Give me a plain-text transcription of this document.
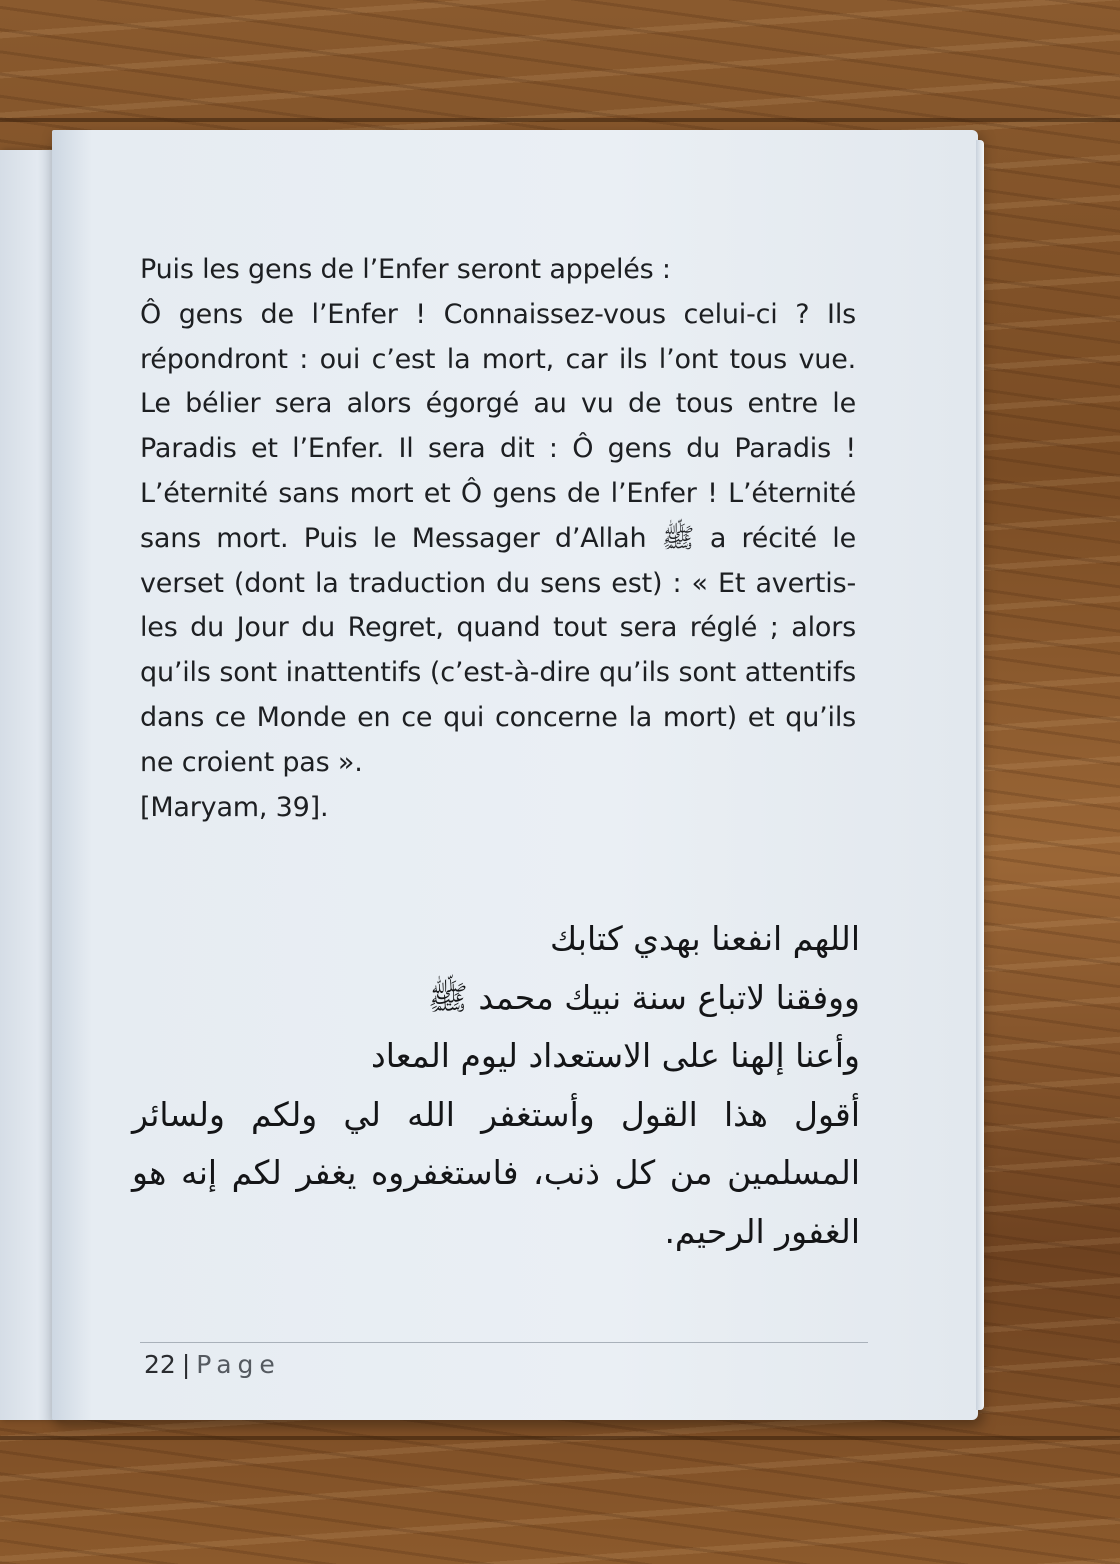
Puis les gens de l’Enfer seront appelés :

Ô gens de l’Enfer ! Connaissez-vous celui-ci ? Ils répondront : oui c’est la mort, car ils l’ont tous vue. Le bélier sera alors égorgé au vu de tous entre le Paradis et l’Enfer. Il sera dit : Ô gens du Paradis ! L’éternité sans mort et Ô gens de l’Enfer ! L’éternité sans mort. Puis le Messager d’Allah ﷺ a récité le verset (dont la traduction du sens est) : « Et avertis-les du Jour du Regret, quand tout sera réglé ; alors qu’ils sont inattentifs (c’est-à-dire qu’ils sont attentifs dans ce Monde en ce qui concerne la mort) et qu’ils ne croient pas ».

[Maryam, 39].

اللهم انفعنا بهدي كتابك

ووفقنا لاتباع سنة نبيك محمد ﷺ

وأعنا إلهنا على الاستعداد ليوم المعاد

أقول هذا القول وأستغفر الله لي ولكم ولسائر المسلمين من كل ذنب، فاستغفروه يغفر لكم إنه هو الغفور الرحيم.

22 | Page
